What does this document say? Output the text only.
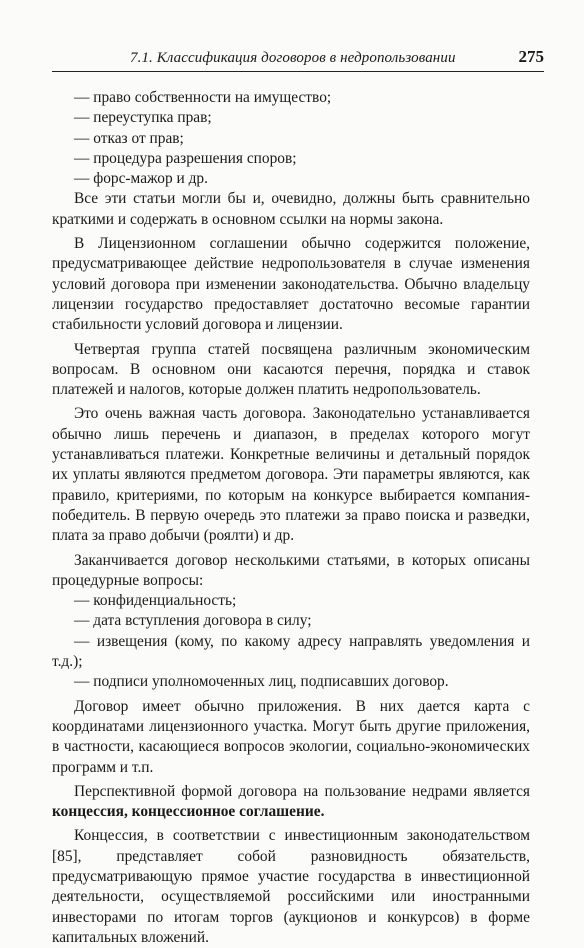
7.1. Классификация договоров в недропользовании	275

— право собственности на имущество;

— переуступка прав;

— отказ от прав;

— процедура разрешения споров;

— форс-мажор и др.

Все эти статьи могли бы и, очевидно, должны быть сравнительно краткими и содержать в основном ссылки на нормы закона.

В Лицензионном соглашении обычно содержится положение, предусматривающее действие недропользователя в случае изменения условий договора при изменении законодательства. Обычно владельцу лицензии государство предоставляет достаточно весомые гарантии стабильности условий договора и лицензии.

Четвертая группа статей посвящена различным экономическим вопросам. В основном они касаются перечня, порядка и ставок платежей и налогов, которые должен платить недропользователь.

Это очень важная часть договора. Законодательно устанавливается обычно лишь перечень и диапазон, в пределах которого могут устанавливаться платежи. Конкретные величины и детальный порядок их уплаты являются предметом договора. Эти параметры являются, как правило, критериями, по которым на конкурсе выбирается компания-победитель. В первую очередь это платежи за право поиска и разведки, плата за право добычи (роялти) и др.

Заканчивается договор несколькими статьями, в которых описаны процедурные вопросы:

— конфиденциальность;

— дата вступления договора в силу;

— извещения (кому, по какому адресу направлять уведомления и т.д.);

— подписи уполномоченных лиц, подписавших договор.

Договор имеет обычно приложения. В них дается карта с координатами лицензионного участка. Могут быть другие приложения, в частности, касающиеся вопросов экологии, социально-экономических программ и т.п.

Перспективной формой договора на пользование недрами является концессия, концессионное соглашение.

Концессия, в соответствии с инвестиционным законодательством [85], представляет собой разновидность обязательств, предусматривающую прямое участие государства в инвестиционной деятельности, осуществляемой российскими или иностранными инвесторами по итогам торгов (аукционов и конкурсов) в форме капитальных вложений.
